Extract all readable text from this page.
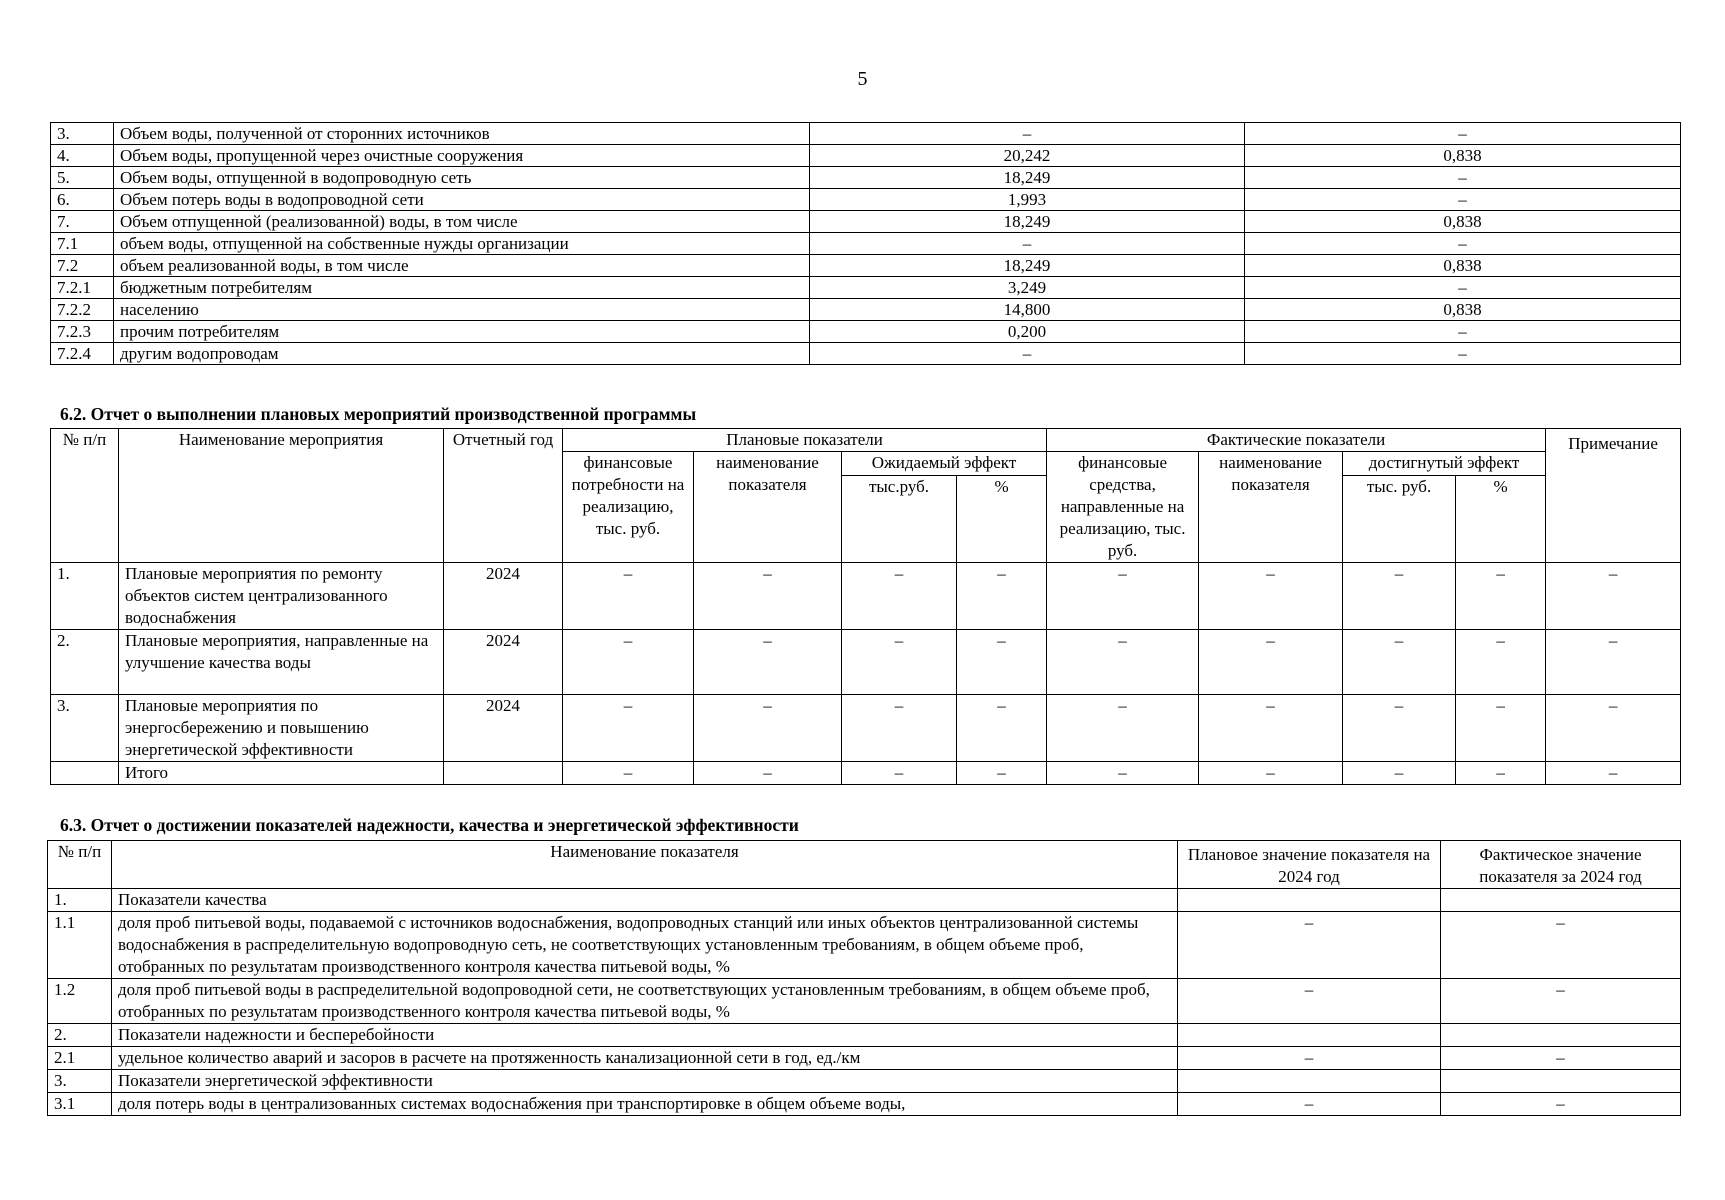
5
3.	Объем воды, полученной от сторонних источников	–	–
4.	Объем воды, пропущенной через очистные сооружения	20,242	0,838
5.	Объем воды, отпущенной в водопроводную сеть	18,249	–
6.	Объем потерь воды в водопроводной сети	1,993	–
7.	Объем отпущенной (реализованной) воды, в том числе	18,249	0,838
7.1	объем воды, отпущенной на собственные нужды организации	–	–
7.2	объем реализованной воды, в том числе	18,249	0,838
7.2.1	бюджетным потребителям	3,249	–
7.2.2	населению	14,800	0,838
7.2.3	прочим потребителям	0,200	–
7.2.4	другим водопроводам	–	–
6.2. Отчет о выполнении плановых мероприятий производственной программы
№ п/п	Наименование мероприятия	Отчетный год	Плановые показатели				Фактические показатели				Примечание
			финансовые потребности на реализацию, тыс. руб.	наименование показателя	Ожидаемый эффект		финансовые средства, направленные на реализацию, тыс. руб.	наименование показателя	достигнутый эффект		
					тыс.руб.	%			тыс. руб.	%	
1.	Плановые мероприятия по ремонту объектов систем централизованного водоснабжения	2024	–	–	–	–	–	–	–	–	–
2.	Плановые мероприятия, направленные на улучшение качества воды	2024	–	–	–	–	–	–	–	–	–
3.	Плановые мероприятия по энергосбережению и повышению энергетической эффективности	2024	–	–	–	–	–	–	–	–	–
	Итого		–	–	–	–	–	–	–	–	–
6.3. Отчет о достижении показателей надежности, качества и энергетической эффективности
№ п/п	Наименование показателя	Плановое значение показателя на 2024 год	Фактическое значение показателя за 2024 год
1.	Показатели качества		
1.1	доля проб питьевой воды, подаваемой с источников водоснабжения, водопроводных станций или иных объектов централизованной системы водоснабжения в распределительную водопроводную сеть, не соответствующих установленным требованиям, в общем объеме проб, отобранных по результатам производственного контроля качества питьевой воды, %	–	–
1.2	доля проб питьевой воды в распределительной водопроводной сети, не соответствующих установленным требованиям, в общем объеме проб, отобранных по результатам производственного контроля качества питьевой воды, %	–	–
2.	Показатели надежности и бесперебойности		
2.1	удельное количество аварий и засоров в расчете на протяженность канализационной сети в год, ед./км	–	–
3.	Показатели энергетической эффективности		
3.1	доля потерь воды в централизованных системах водоснабжения при транспортировке в общем объеме воды,	–	–
